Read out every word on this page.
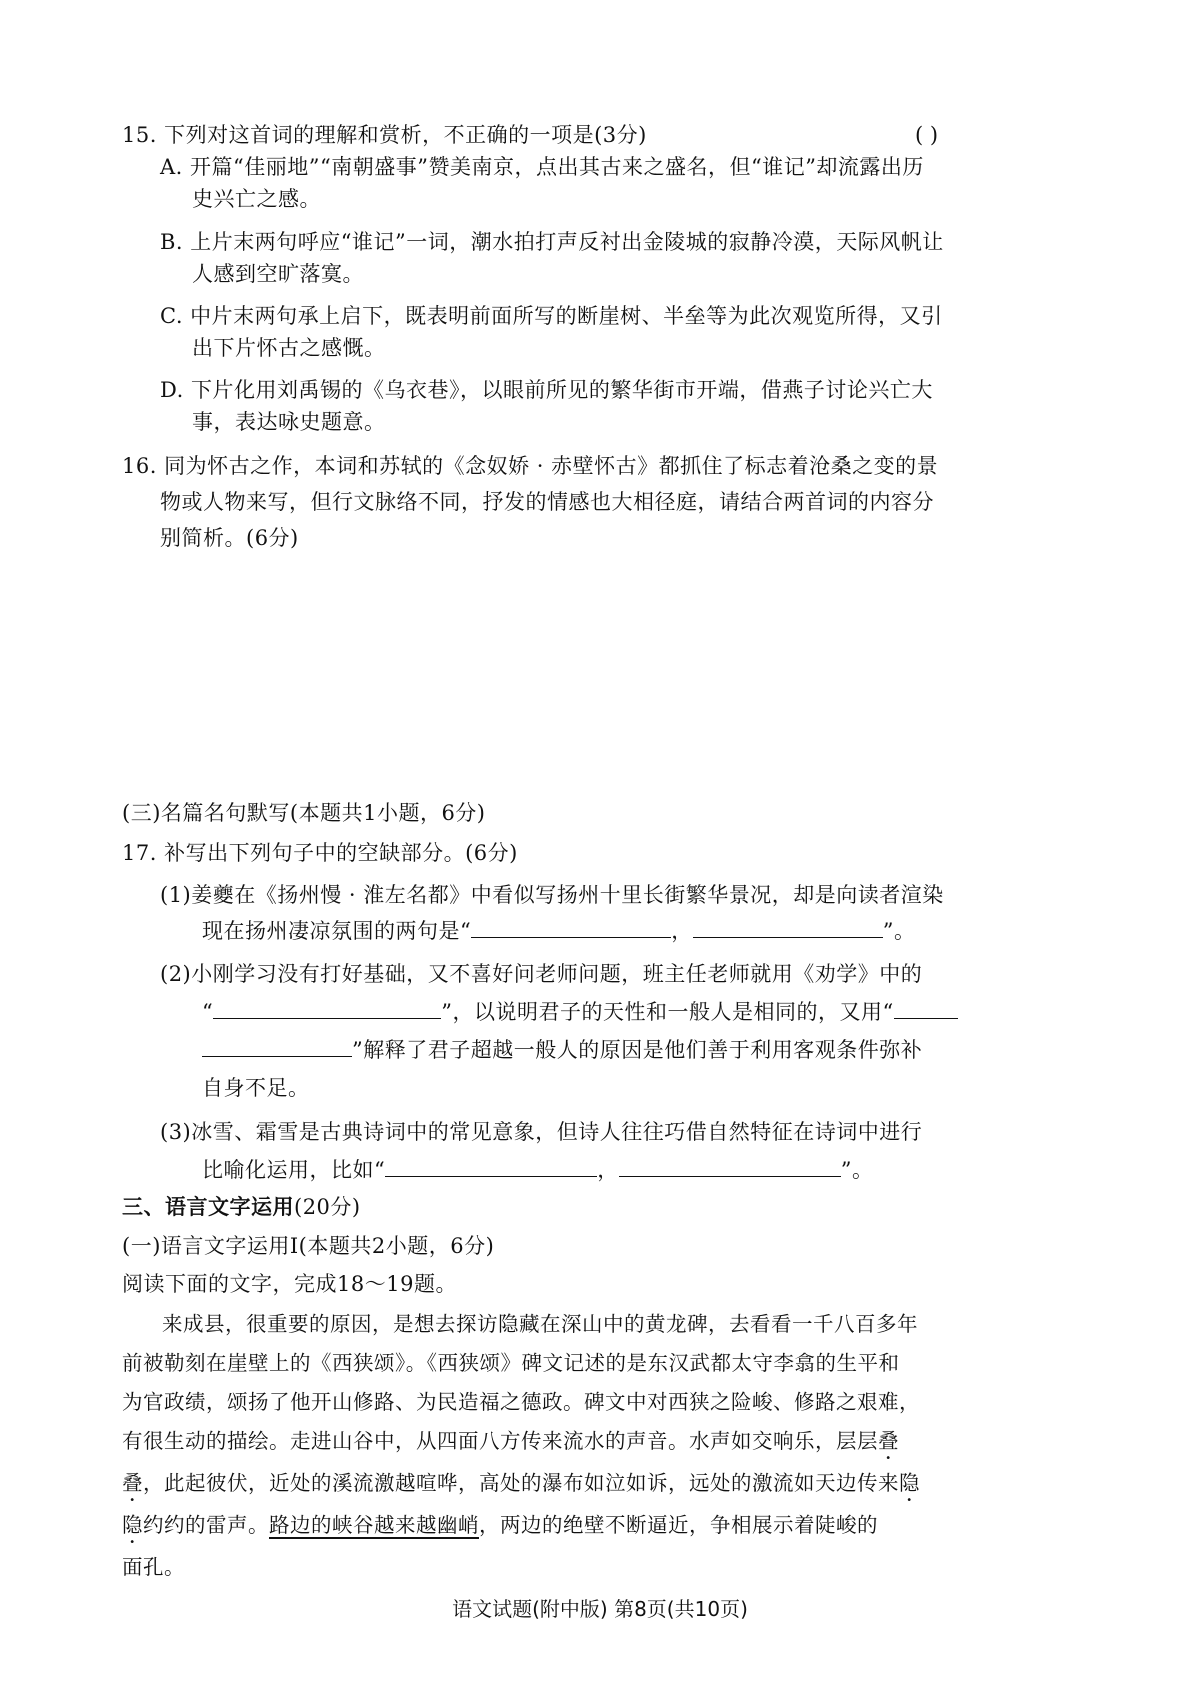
15. 下列对这首词的理解和赏析，不正确的一项是(3分)	( )
A. 开篇“佳丽地”“南朝盛事”赞美南京，点出其古来之盛名，但“谁记”却流露出历
史兴亡之感。
B. 上片末两句呼应“谁记”一词，潮水拍打声反衬出金陵城的寂静冷漠，天际风帆让
人感到空旷落寞。
C. 中片末两句承上启下，既表明前面所写的断崖树、半垒等为此次观览所得，又引
出下片怀古之感慨。
D. 下片化用刘禹锡的《乌衣巷》，以眼前所见的繁华街市开端，借燕子讨论兴亡大
事，表达咏史题意。
16. 同为怀古之作，本词和苏轼的《念奴娇 · 赤壁怀古》都抓住了标志着沧桑之变的景
物或人物来写，但行文脉络不同，抒发的情感也大相径庭，请结合两首词的内容分
别简析。(6分)
(三)名篇名句默写(本题共1小题，6分)
17. 补写出下列句子中的空缺部分。(6分)
(1)姜夔在《扬州慢 · 淮左名都》中看似写扬州十里长街繁华景况，却是向读者渲染
现在扬州凄凉氛围的两句是“	，	”。
(2)小刚学习没有打好基础，又不喜好问老师问题，班主任老师就用《劝学》中的
“	”，以说明君子的天性和一般人是相同的，又用“
”解释了君子超越一般人的原因是他们善于利用客观条件弥补
自身不足。
(3)冰雪、霜雪是古典诗词中的常见意象，但诗人往往巧借自然特征在诗词中进行
比喻化运用，比如“	，	”。
三、语言文字运用(20分)
(一)语言文字运用Ⅰ(本题共2小题，6分)
阅读下面的文字，完成18～19题。
来成县，很重要的原因，是想去探访隐藏在深山中的黄龙碑，去看看一千八百多年
前被勒刻在崖壁上的《西狭颂》。《西狭颂》碑文记述的是东汉武都太守李翕的生平和
为官政绩，颂扬了他开山修路、为民造福之德政。碑文中对西狭之险峻、修路之艰难，
有很生动的描绘。走进山谷中，从四面八方传来流水的声音。水声如交响乐，层层叠
叠，此起彼伏，近处的溪流激越喧哗，高处的瀑布如泣如诉，远处的激流如天边传来隐
隐约约的雷声。路边的峡谷越来越幽峭，两边的绝壁不断逼近，争相展示着陡峻的
面孔。
语文试题(附中版) 第8页(共10页)
